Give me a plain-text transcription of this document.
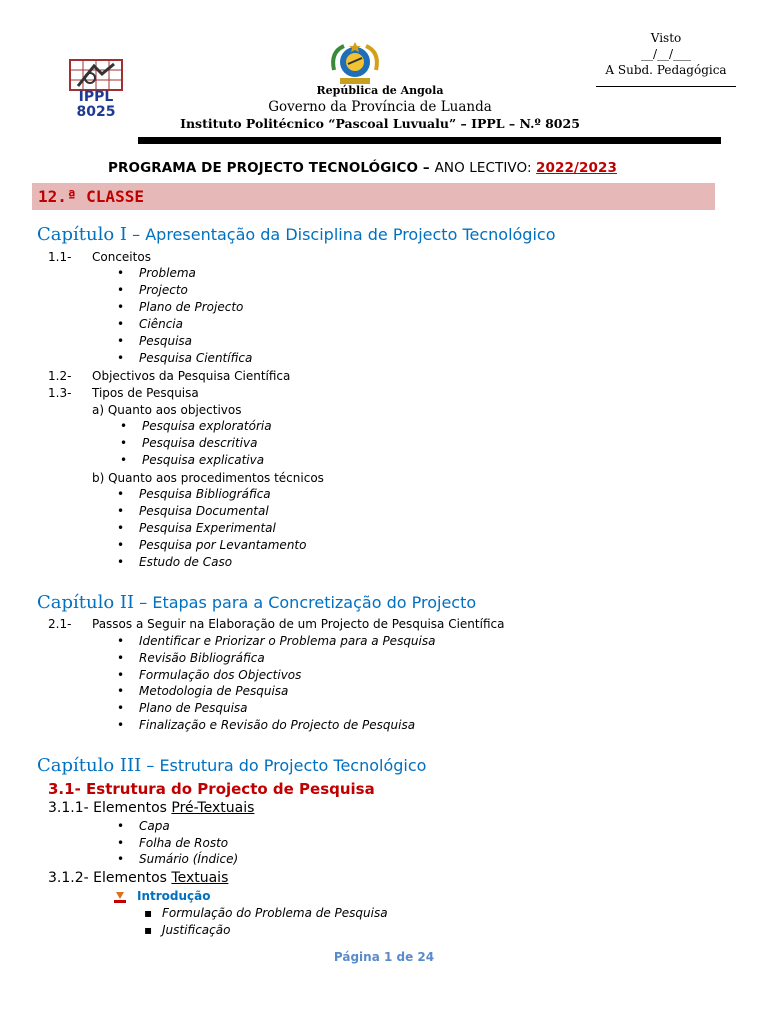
Visto
__/__/___
A Subd. Pedagógica
IPPL
8025
República de Angola
Governo da Província de Luanda
Instituto Politécnico “Pascoal Luvualu” – IPPL – N.º 8025
PROGRAMA DE PROJECTO TECNOLÓGICO – ANO LECTIVO: 2022/2023
12.ª CLASSE
Capítulo I – Apresentação da Disciplina de Projecto Tecnológico
1.1- Conceitos
• Problema
• Projecto
• Plano de Projecto
• Ciência
• Pesquisa
• Pesquisa Científica
1.2- Objectivos da Pesquisa Científica
1.3- Tipos de Pesquisa
a) Quanto aos objectivos
• Pesquisa exploratória
• Pesquisa descritiva
• Pesquisa explicativa
b) Quanto aos procedimentos técnicos
• Pesquisa Bibliográfica
• Pesquisa Documental
• Pesquisa Experimental
• Pesquisa por Levantamento
• Estudo de Caso
Capítulo II – Etapas para a Concretização do Projecto
2.1- Passos a Seguir na Elaboração de um Projecto de Pesquisa Científica
• Identificar e Priorizar o Problema para a Pesquisa
• Revisão Bibliográfica
• Formulação dos Objectivos
• Metodologia de Pesquisa
• Plano de Pesquisa
• Finalização e Revisão do Projecto de Pesquisa
Capítulo III – Estrutura do Projecto Tecnológico
3.1- Estrutura do Projecto de Pesquisa
3.1.1- Elementos Pré-Textuais
• Capa
• Folha de Rosto
• Sumário (Índice)
3.1.2- Elementos Textuais
Introdução
▪ Formulação do Problema de Pesquisa
▪ Justificação
Página 1 de 24
